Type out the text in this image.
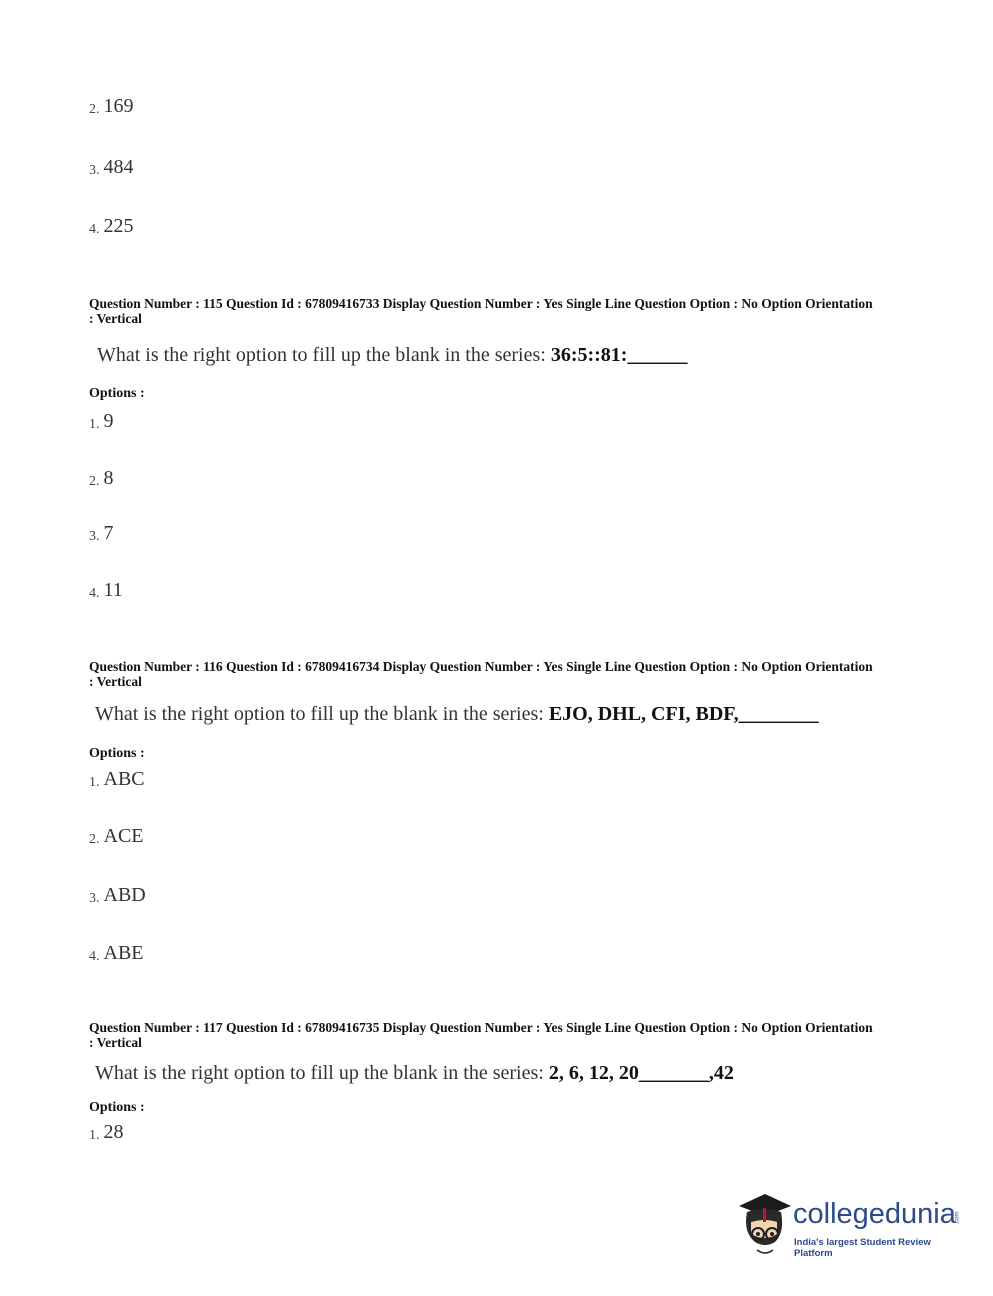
2. 169
3. 484
4. 225
Question Number : 115 Question Id : 67809416733 Display Question Number : Yes Single Line Question Option : No Option Orientation : Vertical
What is the right option to fill up the blank in the series: 36:5::81:______
Options :
1. 9
2. 8
3. 7
4. 11
Question Number : 116 Question Id : 67809416734 Display Question Number : Yes Single Line Question Option : No Option Orientation : Vertical
What is the right option to fill up the blank in the series: EJO, DHL, CFI, BDF,________
Options :
1. ABC
2. ACE
3. ABD
4. ABE
Question Number : 117 Question Id : 67809416735 Display Question Number : Yes Single Line Question Option : No Option Orientation : Vertical
What is the right option to fill up the blank in the series: 2, 6, 12, 20_______,42
Options :
1. 28
collegedunia
.com
India's largest Student Review Platform
